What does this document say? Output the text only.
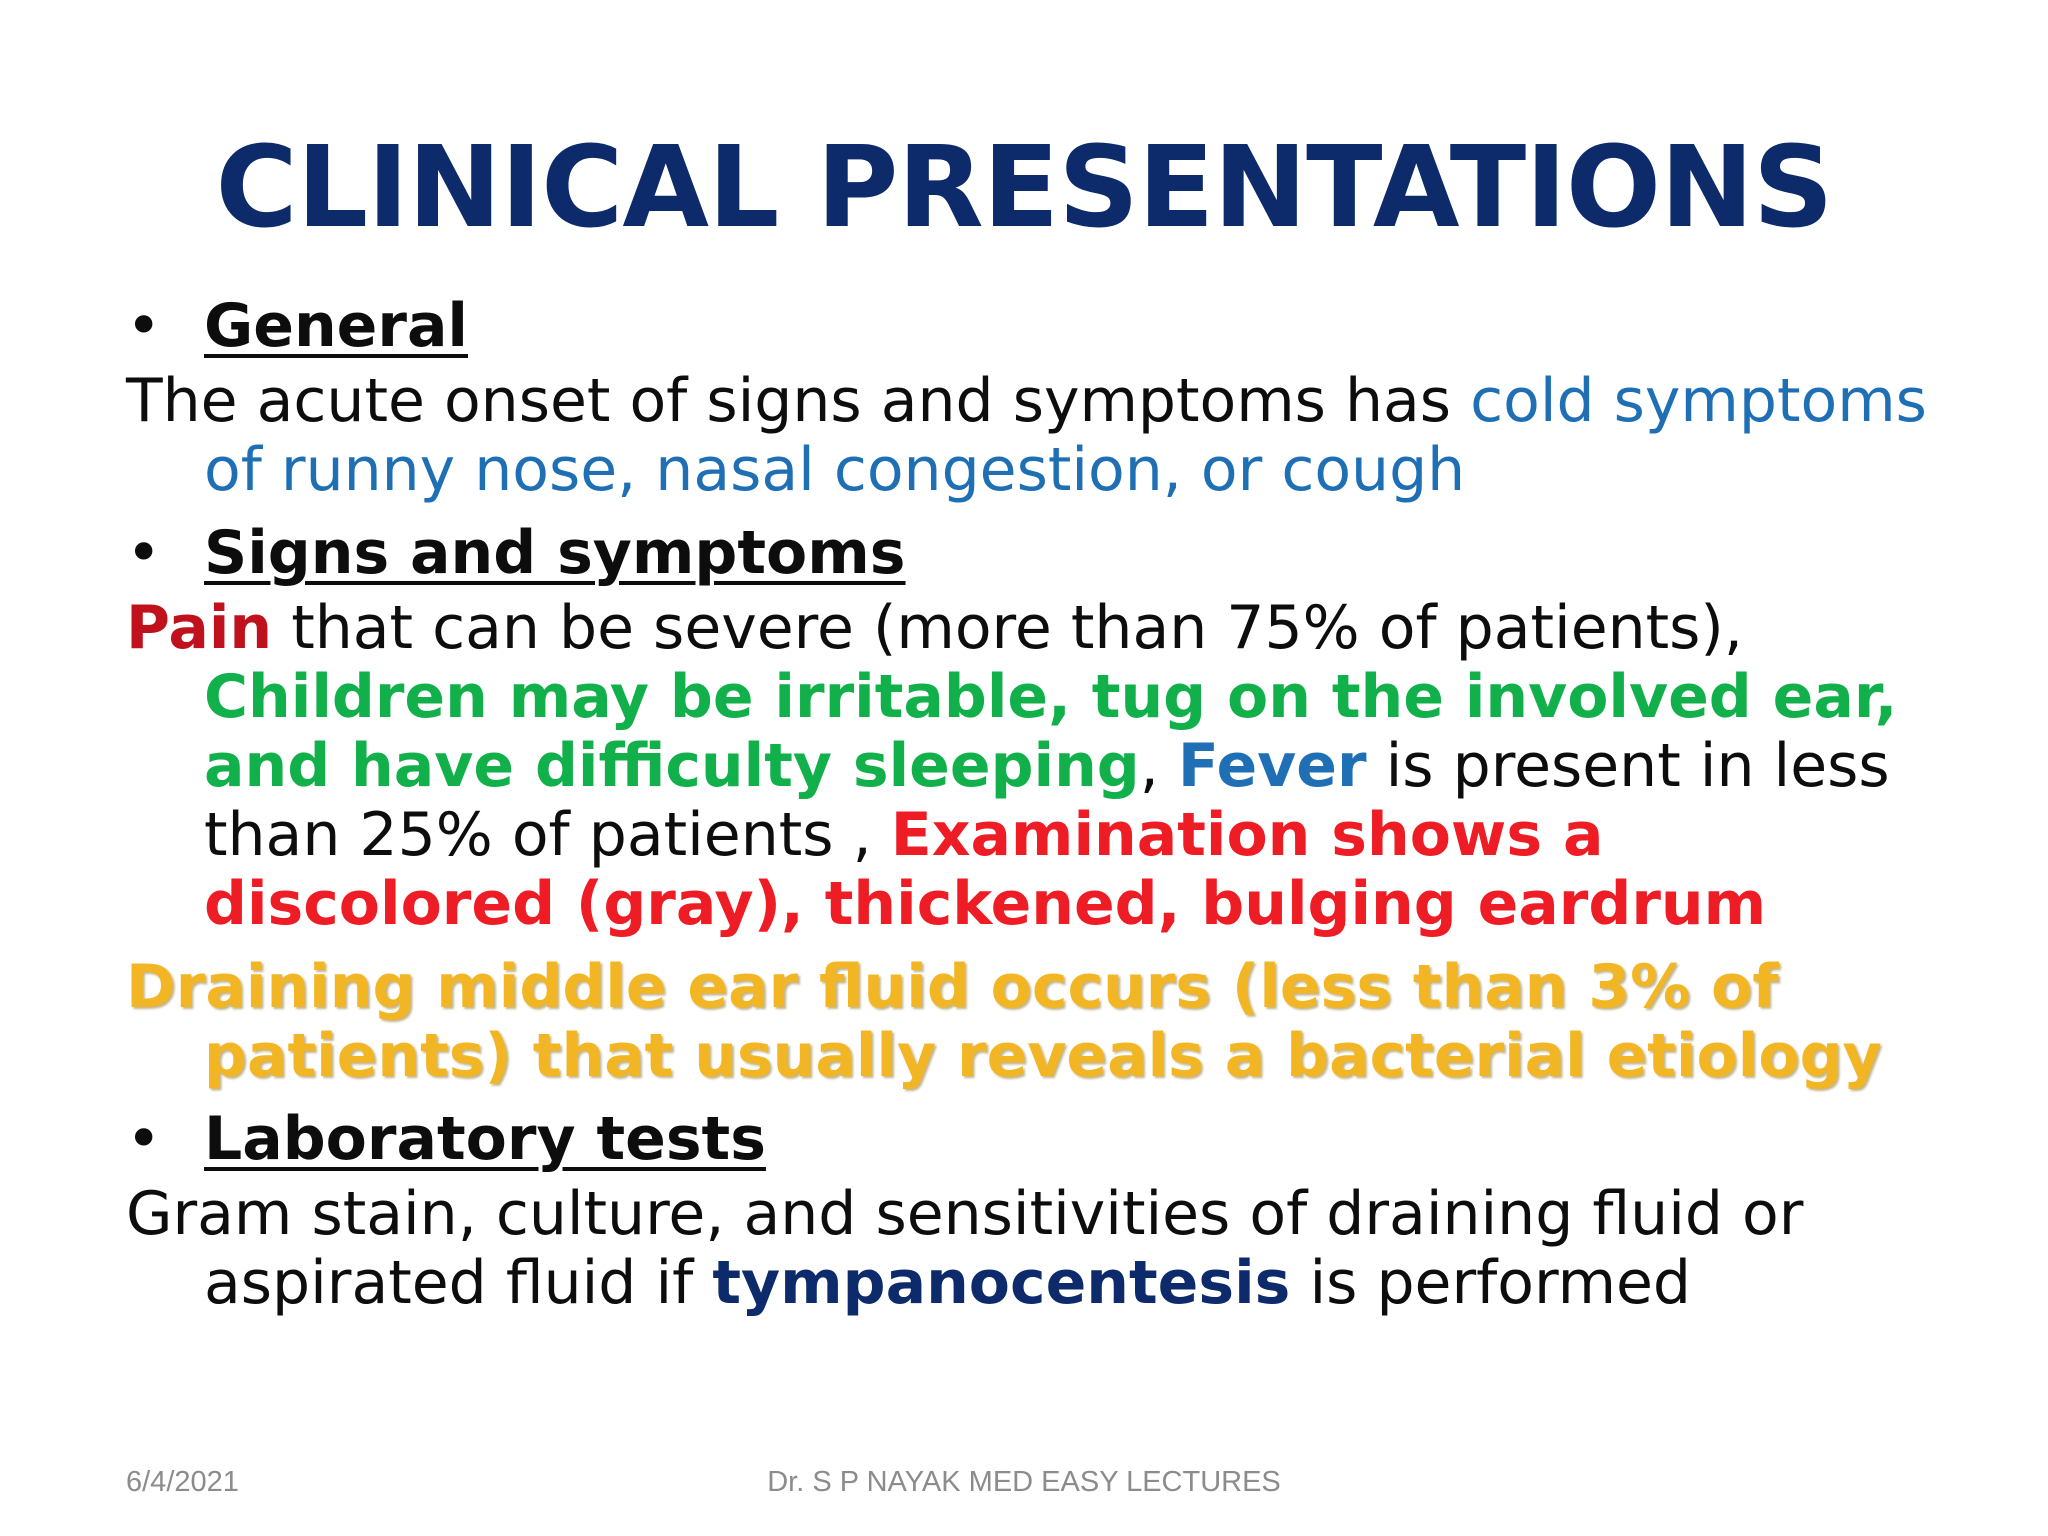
CLINICAL PRESENTATIONS
• General
The acute onset of signs and symptoms has cold symptoms of runny nose, nasal congestion, or cough
• Signs and symptoms
Pain that can be severe (more than 75% of patients), Children may be irritable, tug on the involved ear, and have difficulty sleeping, Fever is present in less than 25% of patients , Examination shows a discolored (gray), thickened, bulging eardrum
Draining middle ear fluid occurs (less than 3% of patients) that usually reveals a bacterial etiology
• Laboratory tests
Gram stain, culture, and sensitivities of draining fluid or aspirated fluid if tympanocentesis is performed
6/4/2021	Dr. S P NAYAK MED EASY LECTURES
